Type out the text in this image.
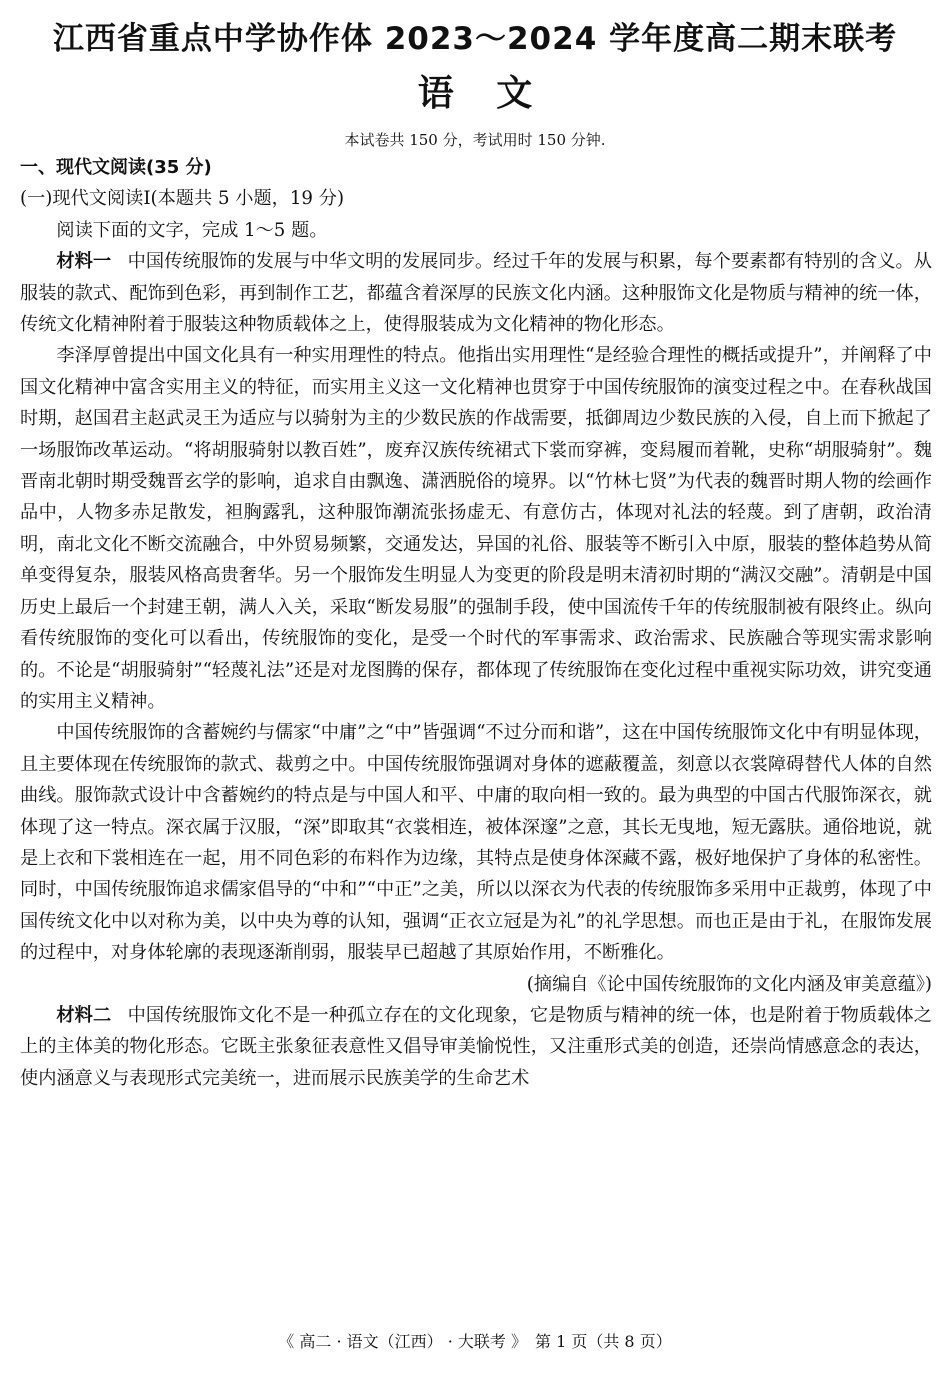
江西省重点中学协作体 2023～2024 学年度高二期末联考
语 文
本试卷共 150 分，考试用时 150 分钟.

一、现代文阅读(35 分)

(一)现代文阅读Ⅰ(本题共 5 小题，19 分)

阅读下面的文字，完成 1～5 题。

材料一 中国传统服饰的发展与中华文明的发展同步。经过千年的发展与积累，每个要素都有特别的含义。从服装的款式、配饰到色彩，再到制作工艺，都蕴含着深厚的民族文化内涵。这种服饰文化是物质与精神的统一体，传统文化精神附着于服装这种物质载体之上，使得服装成为文化精神的物化形态。

李泽厚曾提出中国文化具有一种实用理性的特点。他指出实用理性“是经验合理性的概括或提升”，并阐释了中国文化精神中富含实用主义的特征，而实用主义这一文化精神也贯穿于中国传统服饰的演变过程之中。在春秋战国时期，赵国君主赵武灵王为适应与以骑射为主的少数民族的作战需要，抵御周边少数民族的入侵，自上而下掀起了一场服饰改革运动。“将胡服骑射以教百姓”，废弃汉族传统裙式下裳而穿裤，变舄履而着靴，史称“胡服骑射”。魏晋南北朝时期受魏晋玄学的影响，追求自由飘逸、潇洒脱俗的境界。以“竹林七贤”为代表的魏晋时期人物的绘画作品中，人物多赤足散发，袒胸露乳，这种服饰潮流张扬虚无、有意仿古，体现对礼法的轻蔑。到了唐朝，政治清明，南北文化不断交流融合，中外贸易频繁，交通发达，异国的礼俗、服装等不断引入中原，服装的整体趋势从简单变得复杂，服装风格高贵奢华。另一个服饰发生明显人为变更的阶段是明末清初时期的“满汉交融”。清朝是中国历史上最后一个封建王朝，满人入关，采取“断发易服”的强制手段，使中国流传千年的传统服制被有限终止。纵向看传统服饰的变化可以看出，传统服饰的变化，是受一个时代的军事需求、政治需求、民族融合等现实需求影响的。不论是“胡服骑射”“轻蔑礼法”还是对龙图腾的保存，都体现了传统服饰在变化过程中重视实际功效，讲究变通的实用主义精神。

中国传统服饰的含蓄婉约与儒家“中庸”之“中”皆强调“不过分而和谐”，这在中国传统服饰文化中有明显体现，且主要体现在传统服饰的款式、裁剪之中。中国传统服饰强调对身体的遮蔽覆盖，刻意以衣裳障碍替代人体的自然曲线。服饰款式设计中含蓄婉约的特点是与中国人和平、中庸的取向相一致的。最为典型的中国古代服饰深衣，就体现了这一特点。深衣属于汉服，“深”即取其“衣裳相连，被体深邃”之意，其长无曳地，短无露肤。通俗地说，就是上衣和下裳相连在一起，用不同色彩的布料作为边缘，其特点是使身体深藏不露，极好地保护了身体的私密性。同时，中国传统服饰追求儒家倡导的“中和”“中正”之美，所以以深衣为代表的传统服饰多采用中正裁剪，体现了中国传统文化中以对称为美，以中央为尊的认知，强调“正衣立冠是为礼”的礼学思想。而也正是由于礼，在服饰发展的过程中，对身体轮廓的表现逐渐削弱，服装早已超越了其原始作用，不断雅化。

(摘编自《论中国传统服饰的文化内涵及审美意蕴》)

材料二 中国传统服饰文化不是一种孤立存在的文化现象，它是物质与精神的统一体，也是附着于物质载体之上的主体美的物化形态。它既主张象征表意性又倡导审美愉悦性，又注重形式美的创造，还崇尚情感意念的表达，使内涵意义与表现形式完美统一，进而展示民族美学的生命艺术

《 高二 · 语文（江西） · 大联考 》　第 1 页（共 8 页）
